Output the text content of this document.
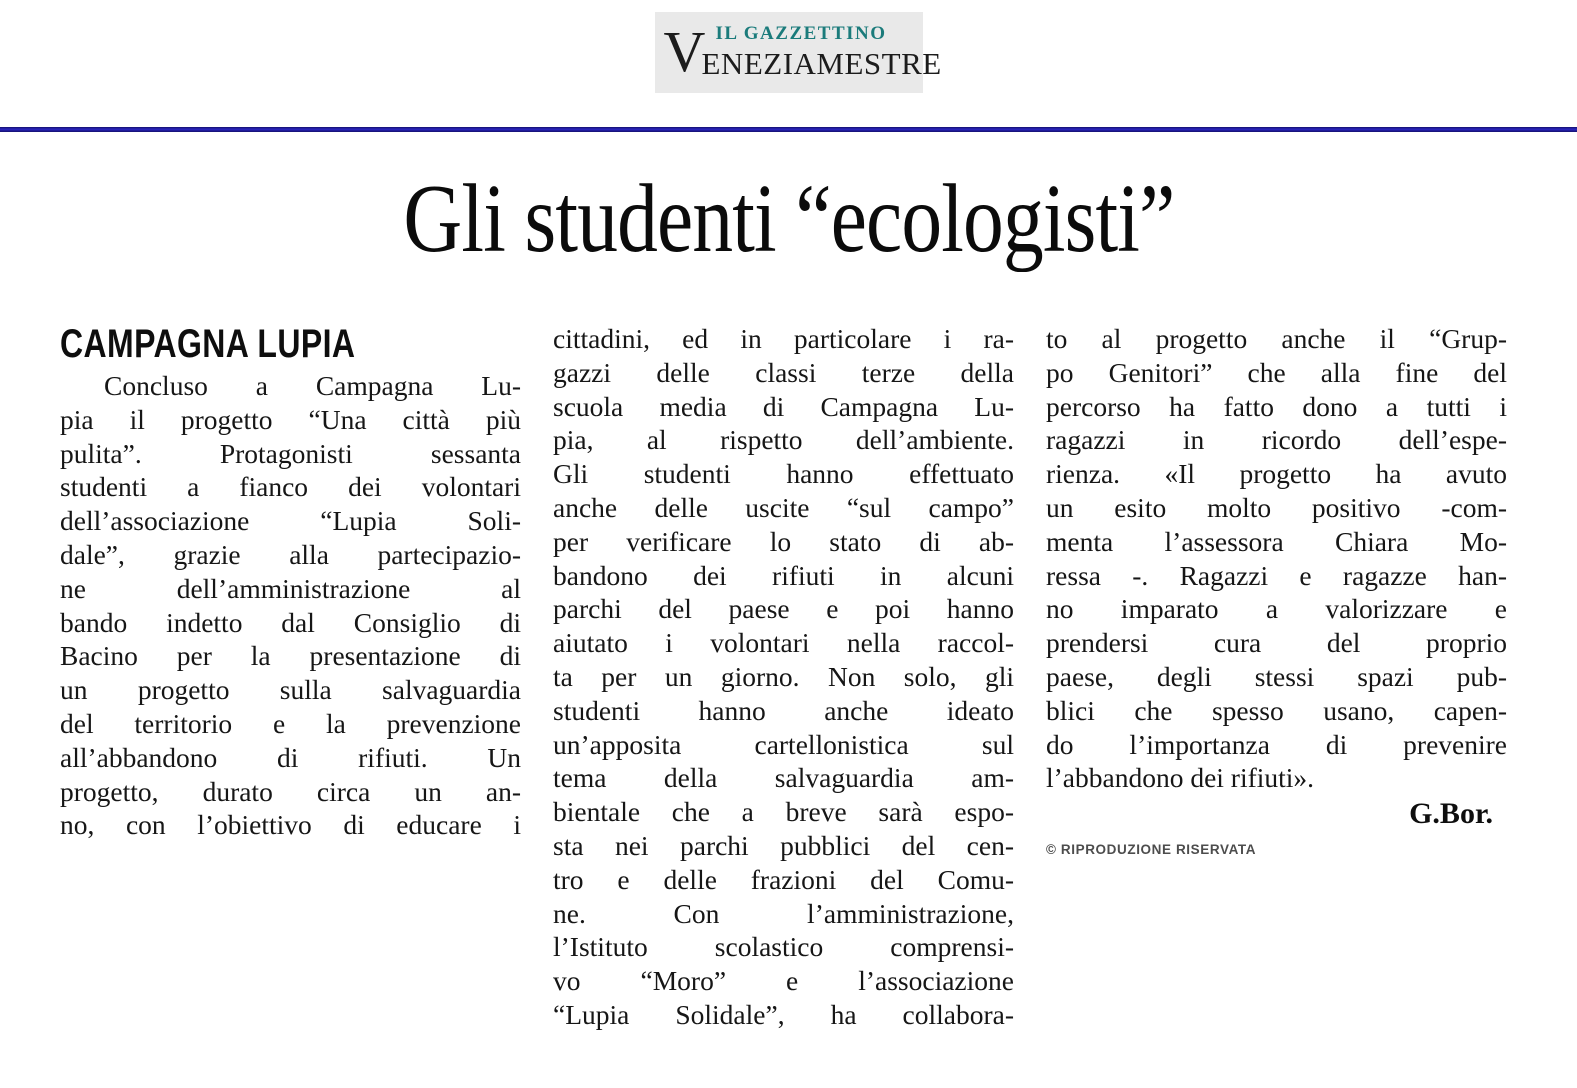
IL GAZZETTINO
V
ENEZIAMESTRE
Gli studenti “ecologisti”
CAMPAGNA LUPIA
Concluso a Campagna Lu-
pia il progetto “Una città più
pulita”. Protagonisti sessanta
studenti a fianco dei volontari
dell’associazione “Lupia Soli-
dale”, grazie alla partecipazio-
ne dell’amministrazione al
bando indetto dal Consiglio di
Bacino per la presentazione di
un progetto sulla salvaguardia
del territorio e la prevenzione
all’abbandono di rifiuti. Un
progetto, durato circa un an-
no, con l’obiettivo di educare i
cittadini, ed in particolare i ra-
gazzi delle classi terze della
scuola media di Campagna Lu-
pia, al rispetto dell’ambiente.
Gli studenti hanno effettuato
anche delle uscite “sul campo”
per verificare lo stato di ab-
bandono dei rifiuti in alcuni
parchi del paese e poi hanno
aiutato i volontari nella raccol-
ta per un giorno. Non solo, gli
studenti hanno anche ideato
un’apposita cartellonistica sul
tema della salvaguardia am-
bientale che a breve sarà espo-
sta nei parchi pubblici del cen-
tro e delle frazioni del Comu-
ne. Con l’amministrazione,
l’Istituto scolastico comprensi-
vo “Moro” e l’associazione
“Lupia Solidale”, ha collabora-
to al progetto anche il “Grup-
po Genitori” che alla fine del
percorso ha fatto dono a tutti i
ragazzi in ricordo dell’espe-
rienza. «Il progetto ha avuto
un esito molto positivo -com-
menta l’assessora Chiara Mo-
ressa -. Ragazzi e ragazze han-
no imparato a valorizzare e
prendersi cura del proprio
paese, degli stessi spazi pub-
blici che spesso usano, capen-
do l’importanza di prevenire
l’abbandono dei rifiuti».
G.Bor.
© RIPRODUZIONE RISERVATA
